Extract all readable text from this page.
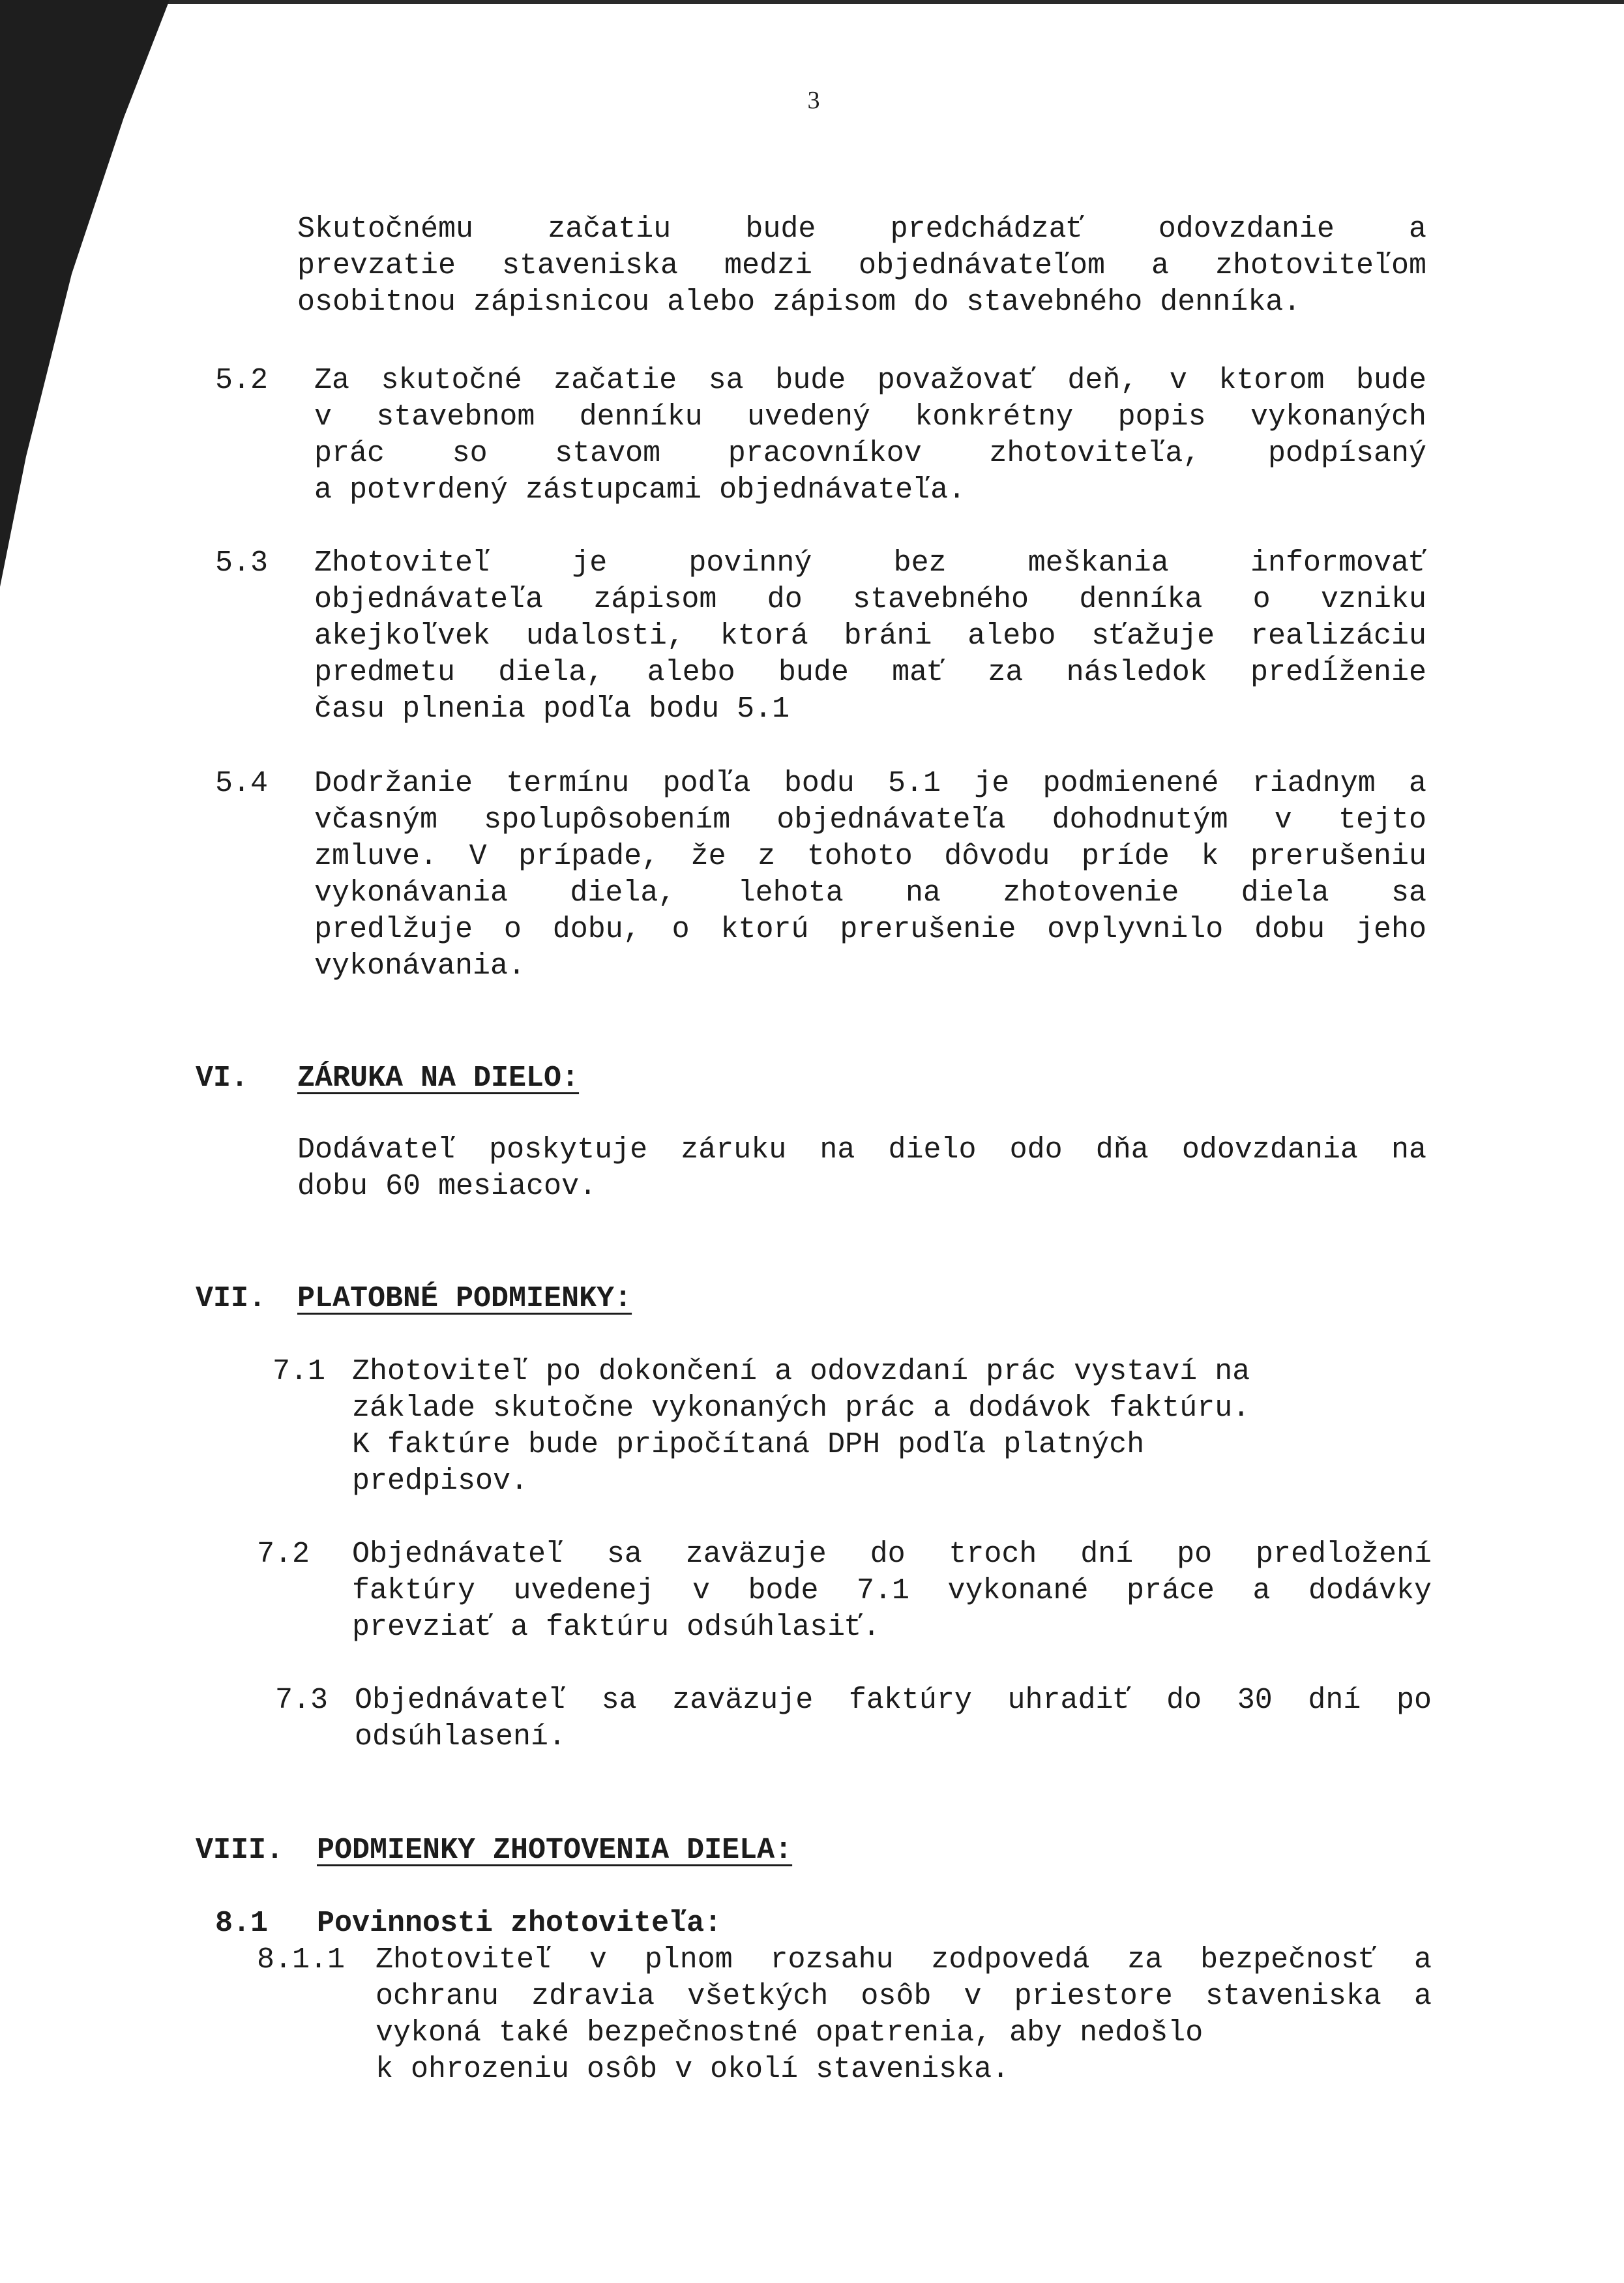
3
Skutočnému začatiu bude predchádzať odovzdanie a
prevzatie staveniska medzi objednávateľom a zhotoviteľom
osobitnou zápisnicou alebo zápisom do stavebného denníka.
5.2 Za skutočné začatie sa bude považovať deň, v ktorom bude
v stavebnom denníku uvedený konkrétny popis vykonaných
prác so stavom pracovníkov zhotoviteľa, podpísaný
a potvrdený zástupcami objednávateľa.
5.3 Zhotoviteľ je povinný bez meškania informovať
objednávateľa zápisom do stavebného denníka o vzniku
akejkoľvek udalosti, ktorá bráni alebo sťažuje realizáciu
predmetu diela, alebo bude mať za následok predĺženie
času plnenia podľa bodu 5.1
5.4 Dodržanie termínu podľa bodu 5.1 je podmienené riadnym a
včasným spolupôsobením objednávateľa dohodnutým v tejto
zmluve. V prípade, že z tohoto dôvodu príde k prerušeniu
vykonávania diela, lehota na zhotovenie diela sa
predlžuje o dobu, o ktorú prerušenie ovplyvnilo dobu jeho
vykonávania.
VI. ZÁRUKA NA DIELO:
Dodávateľ poskytuje záruku na dielo odo dňa odovzdania na
dobu 60 mesiacov.
VII. PLATOBNÉ PODMIENKY:
7.1 Zhotoviteľ po dokončení a odovzdaní prác vystaví na
základe skutočne vykonaných prác a dodávok faktúru.
K faktúre bude pripočítaná DPH podľa platných
predpisov.
7.2 Objednávateľ sa zaväzuje do troch dní po predložení
faktúry uvedenej v bode 7.1 vykonané práce a dodávky
prevziať a faktúru odsúhlasiť.
7.3 Objednávateľ sa zaväzuje faktúry uhradiť do 30 dní po
odsúhlasení.
VIII. PODMIENKY ZHOTOVENIA DIELA:
8.1 Povinnosti zhotoviteľa:
8.1.1 Zhotoviteľ v plnom rozsahu zodpovedá za bezpečnosť a
ochranu zdravia všetkých osôb v priestore staveniska a
vykoná také bezpečnostné opatrenia, aby nedošlo
k ohrozeniu osôb v okolí staveniska.
